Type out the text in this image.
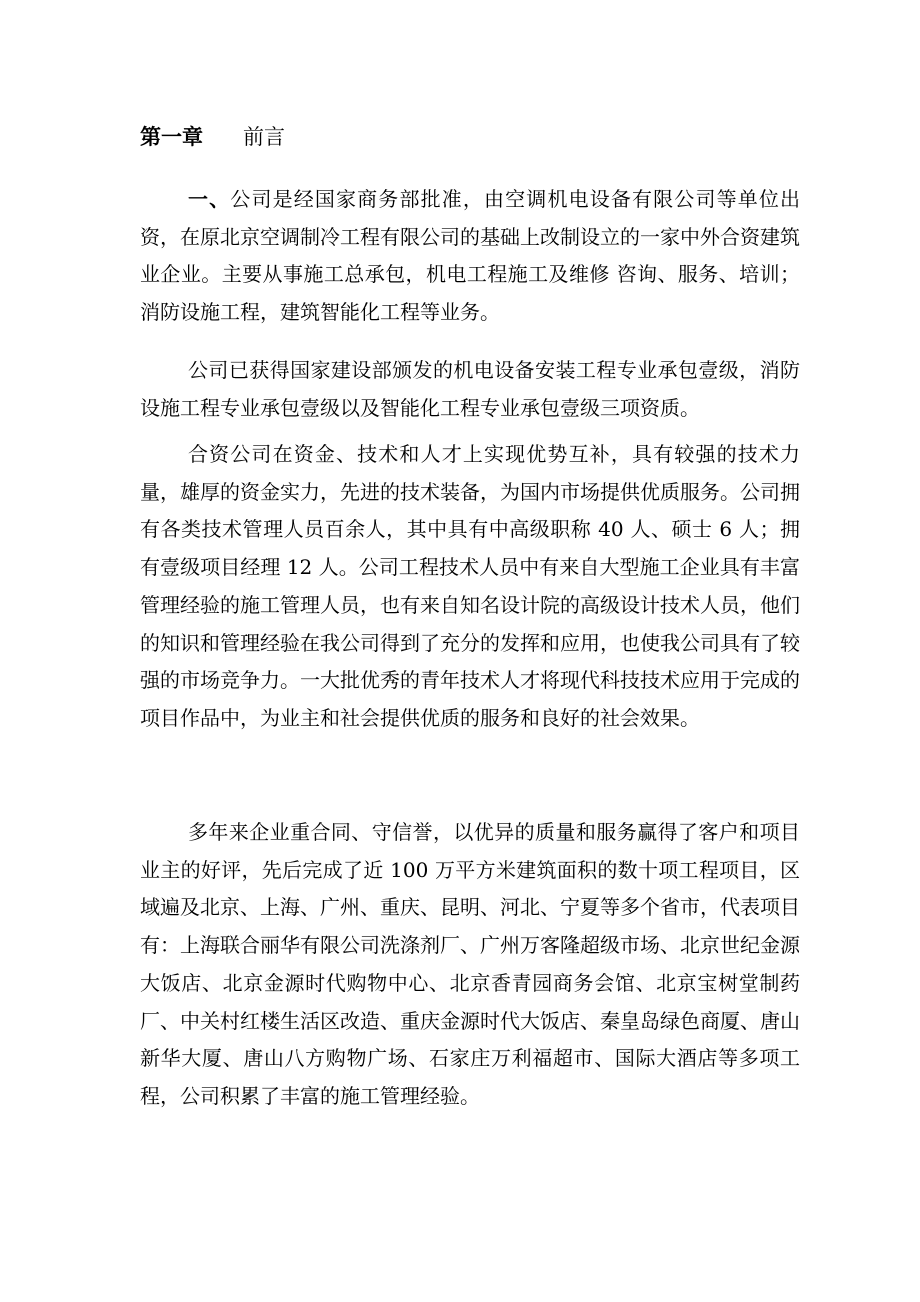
第一章 前言

一、公司是经国家商务部批准，由空调机电设备有限公司等单位出资，在原北京空调制冷工程有限公司的基础上改制设立的一家中外合资建筑业企业。主要从事施工总承包，机电工程施工及维修 咨询、服务、培训；消防设施工程，建筑智能化工程等业务。

公司已获得国家建设部颁发的机电设备安装工程专业承包壹级，消防设施工程专业承包壹级以及智能化工程专业承包壹级三项资质。

合资公司在资金、技术和人才上实现优势互补，具有较强的技术力量，雄厚的资金实力，先进的技术装备，为国内市场提供优质服务。公司拥有各类技术管理人员百余人，其中具有中高级职称 40 人、硕士 6 人；拥有壹级项目经理 12 人。公司工程技术人员中有来自大型施工企业具有丰富管理经验的施工管理人员，也有来自知名设计院的高级设计技术人员，他们的知识和管理经验在我公司得到了充分的发挥和应用，也使我公司具有了较强的市场竞争力。一大批优秀的青年技术人才将现代科技技术应用于完成的项目作品中，为业主和社会提供优质的服务和良好的社会效果。

多年来企业重合同、守信誉，以优异的质量和服务赢得了客户和项目业主的好评，先后完成了近 100 万平方米建筑面积的数十项工程项目，区域遍及北京、上海、广州、重庆、昆明、河北、宁夏等多个省市，代表项目有：上海联合丽华有限公司洗涤剂厂、广州万客隆超级市场、北京世纪金源大饭店、北京金源时代购物中心、北京香青园商务会馆、北京宝树堂制药厂、中关村红楼生活区改造、重庆金源时代大饭店、秦皇岛绿色商厦、唐山新华大厦、唐山八方购物广场、石家庄万利福超市、国际大酒店等多项工程，公司积累了丰富的施工管理经验。
